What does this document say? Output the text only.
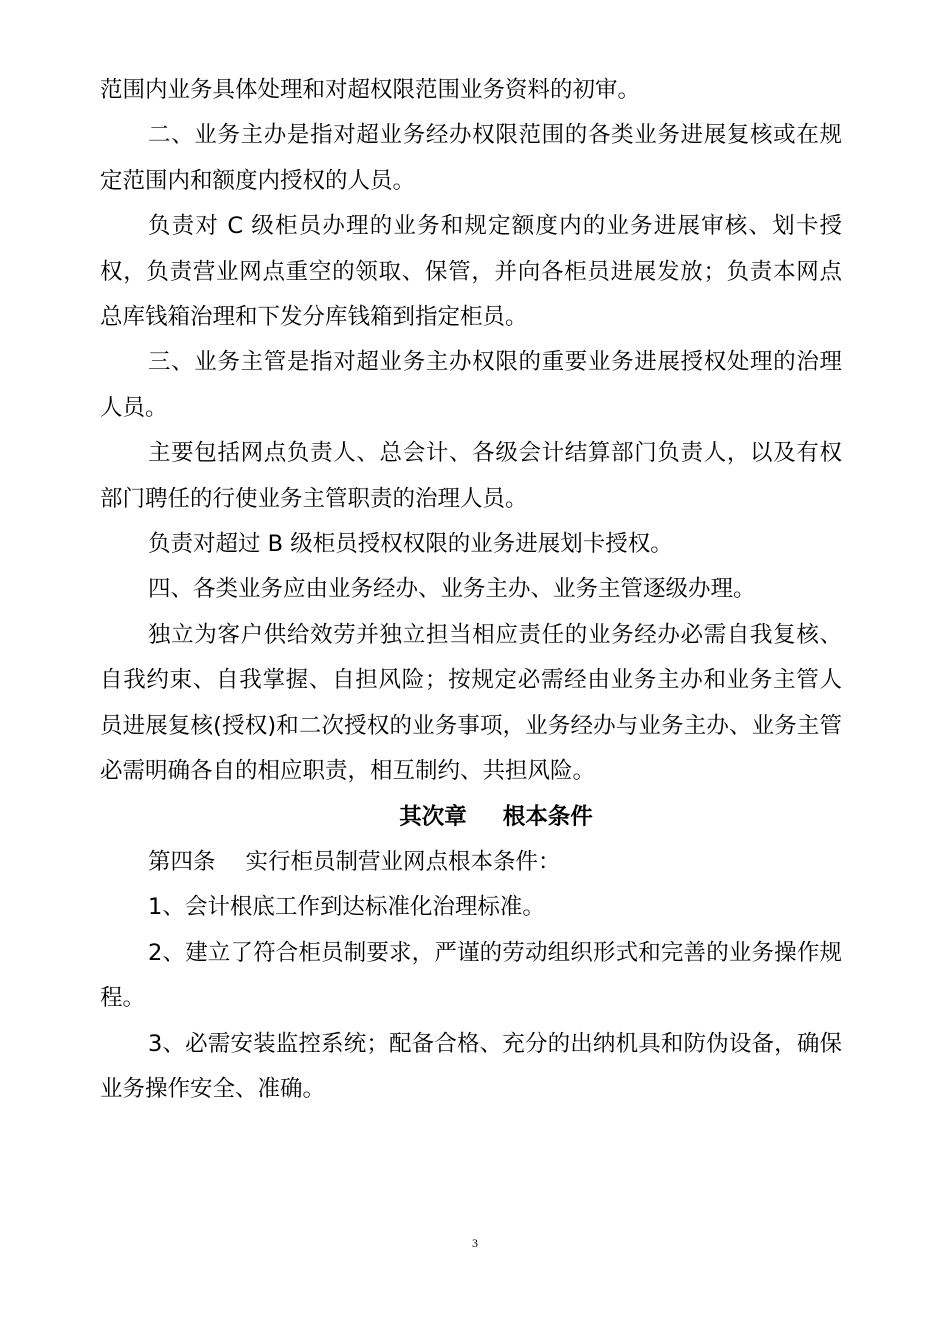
范围内业务具体处理和对超权限范围业务资料的初审。

二、业务主办是指对超业务经办权限范围的各类业务进展复核或在规定范围内和额度内授权的人员。

负责对 C 级柜员办理的业务和规定额度内的业务进展审核、划卡授权，负责营业网点重空的领取、保管，并向各柜员进展发放；负责本网点总库钱箱治理和下发分库钱箱到指定柜员。

三、业务主管是指对超业务主办权限的重要业务进展授权处理的治理人员。

主要包括网点负责人、总会计、各级会计结算部门负责人，以及有权部门聘任的行使业务主管职责的治理人员。

负责对超过 B 级柜员授权权限的业务进展划卡授权。

四、各类业务应由业务经办、业务主办、业务主管逐级办理。

独立为客户供给效劳并独立担当相应责任的业务经办必需自我复核、自我约束、自我掌握、自担风险；按规定必需经由业务主办和业务主管人员进展复核(授权)和二次授权的业务事项，业务经办与业务主办、业务主管必需明确各自的相应职责，相互制约、共担风险。

其次章 根本条件

第四条 实行柜员制营业网点根本条件：

1、会计根底工作到达标准化治理标准。

2、建立了符合柜员制要求，严谨的劳动组织形式和完善的业务操作规程。

3、必需安装监控系统；配备合格、充分的出纳机具和防伪设备，确保业务操作安全、准确。

3
